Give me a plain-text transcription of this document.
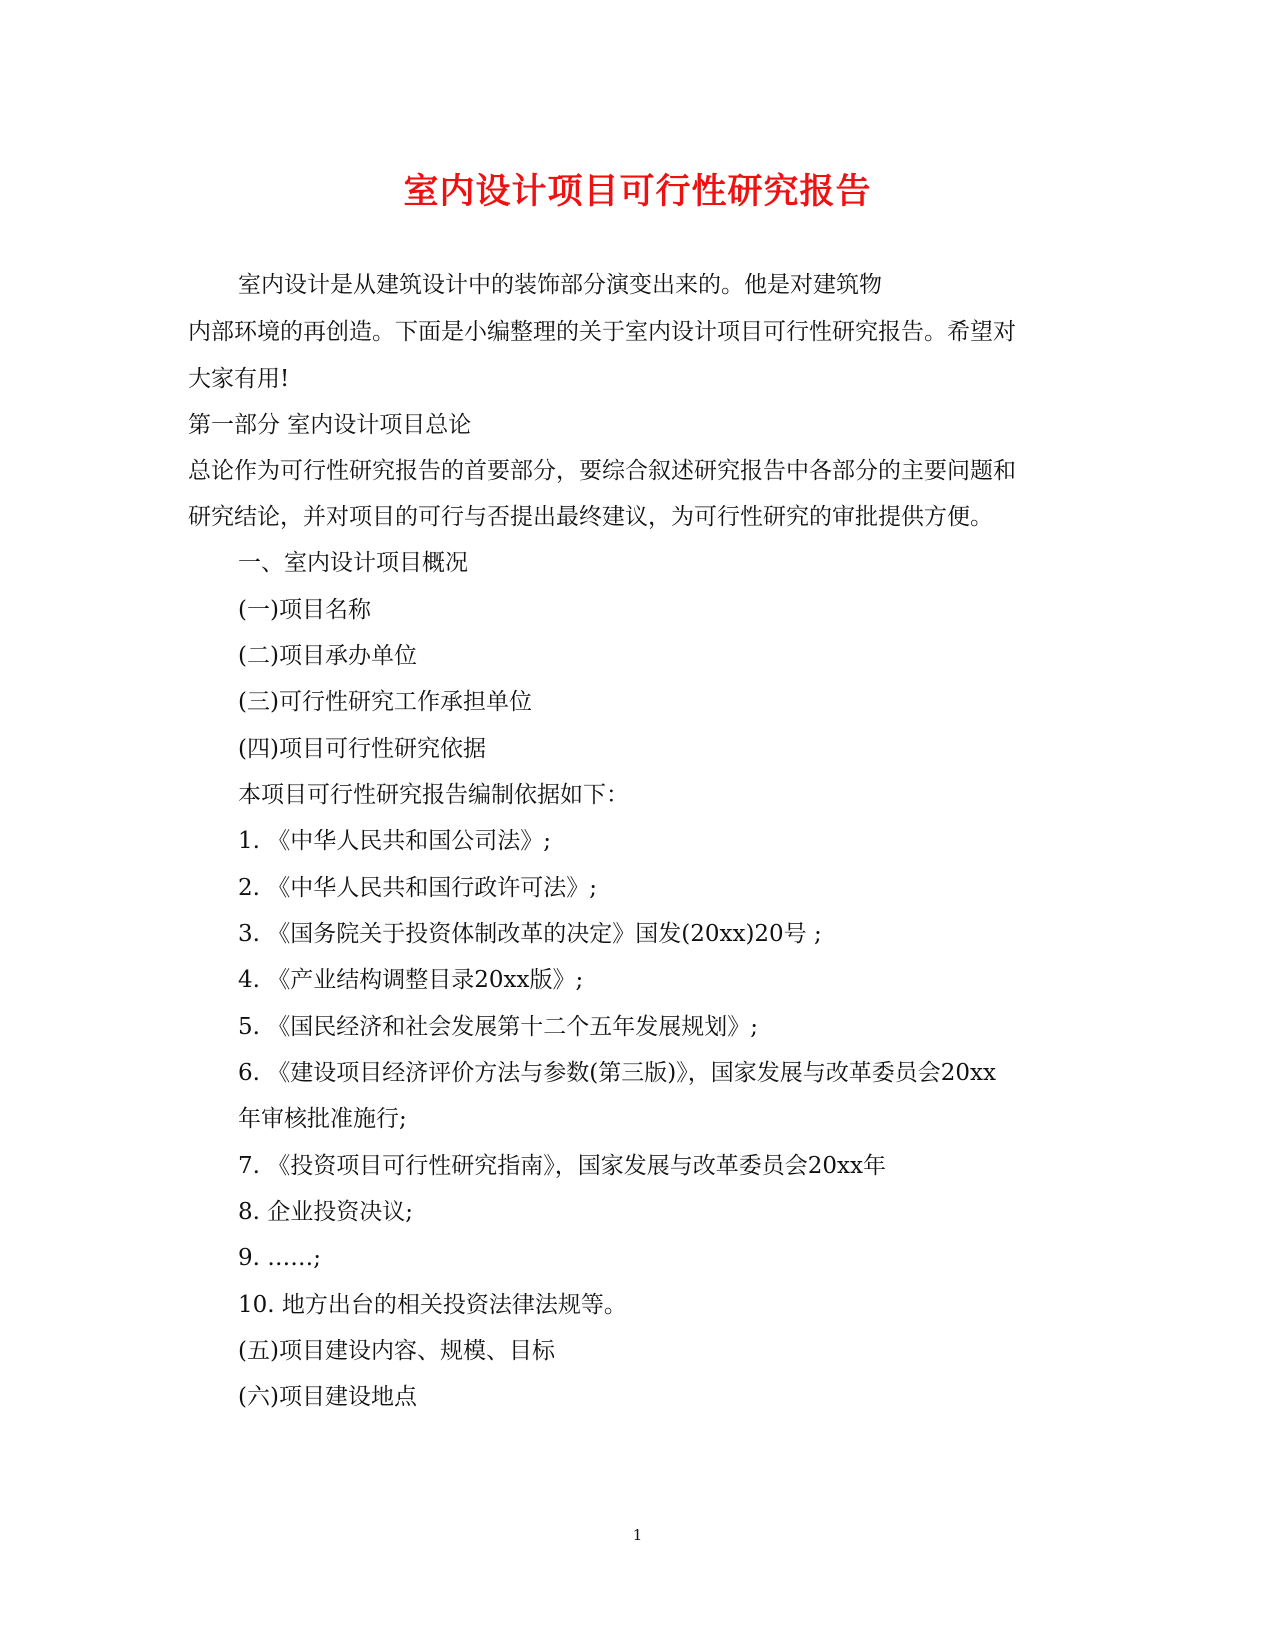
室内设计项目可行性研究报告
室内设计是从建筑设计中的装饰部分演变出来的。他是对建筑物
内部环境的再创造。下面是小编整理的关于室内设计项目可行性研究报告。希望对
大家有用!
第一部分 室内设计项目总论
总论作为可行性研究报告的首要部分，要综合叙述研究报告中各部分的主要问题和
研究结论，并对项目的可行与否提出最终建议，为可行性研究的审批提供方便。
一、室内设计项目概况
(一)项目名称
(二)项目承办单位
(三)可行性研究工作承担单位
(四)项目可行性研究依据
本项目可行性研究报告编制依据如下：
1. 《中华人民共和国公司法》;
2. 《中华人民共和国行政许可法》;
3. 《国务院关于投资体制改革的决定》国发(20xx)20号 ;
4. 《产业结构调整目录20xx版》;
5. 《国民经济和社会发展第十二个五年发展规划》;
6. 《建设项目经济评价方法与参数(第三版)》，国家发展与改革委员会20xx
年审核批准施行;
7. 《投资项目可行性研究指南》，国家发展与改革委员会20xx年
8. 企业投资决议;
9. ……;
10. 地方出台的相关投资法律法规等。
(五)项目建设内容、规模、目标
(六)项目建设地点
1
